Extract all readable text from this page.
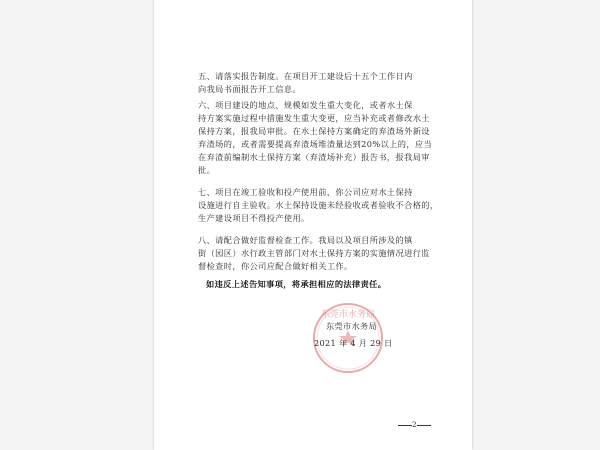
五、请落实报告制度。在项目开工建设后十五个工作日内
向我局书面报告开工信息。
六、项目建设的地点、规模如发生重大变化，或者水土保
持方案实施过程中措施发生重大变更，应当补充或者修改水土
保持方案，报我局审批。在水土保持方案确定的弃渣场外新设
弃渣场的，或者需要提高弃渣场堆渣量达到20%以上的，应当
在弃渣前编制水土保持方案（弃渣场补充）报告书，报我局审
批。
七、项目在竣工验收和投产使用前，你公司应对水土保持
设施进行自主验收。水土保持设施未经验收或者验收不合格的，
生产建设项目不得投产使用。
八、请配合做好监督检查工作。我局以及项目所涉及的镇
街（园区）水行政主管部门对水土保持方案的实施情况进行监
督检查时，你公司应配合做好相关工作。
如违反上述告知事项，将承担相应的法律责任。
东莞市水务局
东莞市水务局
2021 年 4 月 29 日
2
